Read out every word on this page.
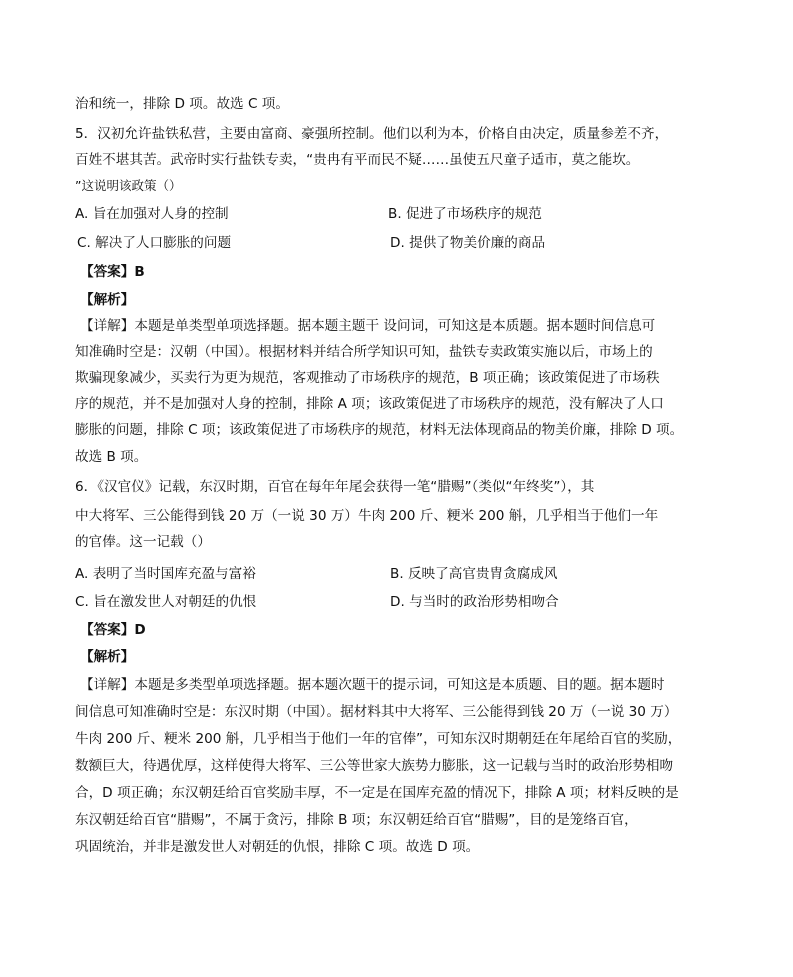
治和统一，排除 D 项。故选 C 项。
5．汉初允许盐铁私营，主要由富商、豪强所控制。他们以利为本，价格自由决定，质量参差不齐，
百姓不堪其苦。武帝时实行盐铁专卖，“贵冉有平而民不疑……虽使五尺童子适市，莫之能坎。
”这说明该政策（）
A. 旨在加强对人身的控制	B. 促进了市场秩序的规范
C. 解决了人口膨胀的问题	D. 提供了物美价廉的商品
【答案】B
【解析】
【详解】本题是单类型单项选择题。据本题主题干 设问词，可知这是本质题。据本题时间信息可
知准确时空是：汉朝（中国）。根据材料并结合所学知识可知，盐铁专卖政策实施以后，市场上的
欺骗现象减少，买卖行为更为规范，客观推动了市场秩序的规范，B 项正确；该政策促进了市场秩
序的规范，并不是加强对人身的控制，排除 A 项；该政策促进了市场秩序的规范，没有解决了人口
膨胀的问题，排除 C 项；该政策促进了市场秩序的规范，材料无法体现商品的物美价廉，排除 D 项。
故选 B 项。
6．《汉官仪》记载，东汉时期，百官在每年年尾会获得一笔“腊赐”（类似“年终奖”），其
中大将军、三公能得到钱 20 万（一说 30 万）牛肉 200 斤、粳米 200 斛，几乎相当于他们一年
的官俸。这一记载（）
A. 表明了当时国库充盈与富裕	B. 反映了高官贵胄贪腐成风
C. 旨在激发世人对朝廷的仇恨	D. 与当时的政治形势相吻合
【答案】D
【解析】
【详解】本题是多类型单项选择题。据本题次题干的提示词，可知这是本质题、目的题。据本题时
间信息可知准确时空是：东汉时期（中国）。据材料其中大将军、三公能得到钱 20 万（一说 30 万）
牛肉 200 斤、粳米 200 斛，几乎相当于他们一年的官俸”，可知东汉时期朝廷在年尾给百官的奖励，
数额巨大，待遇优厚，这样使得大将军、三公等世家大族势力膨胀，这一记载与当时的政治形势相吻
合，D 项正确；东汉朝廷给百官奖励丰厚，不一定是在国库充盈的情况下，排除 A 项；材料反映的是
东汉朝廷给百官“腊赐”，不属于贪污，排除 B 项；东汉朝廷给百官“腊赐”，目的是笼络百官，
巩固统治，并非是激发世人对朝廷的仇恨，排除 C 项。故选 D 项。
